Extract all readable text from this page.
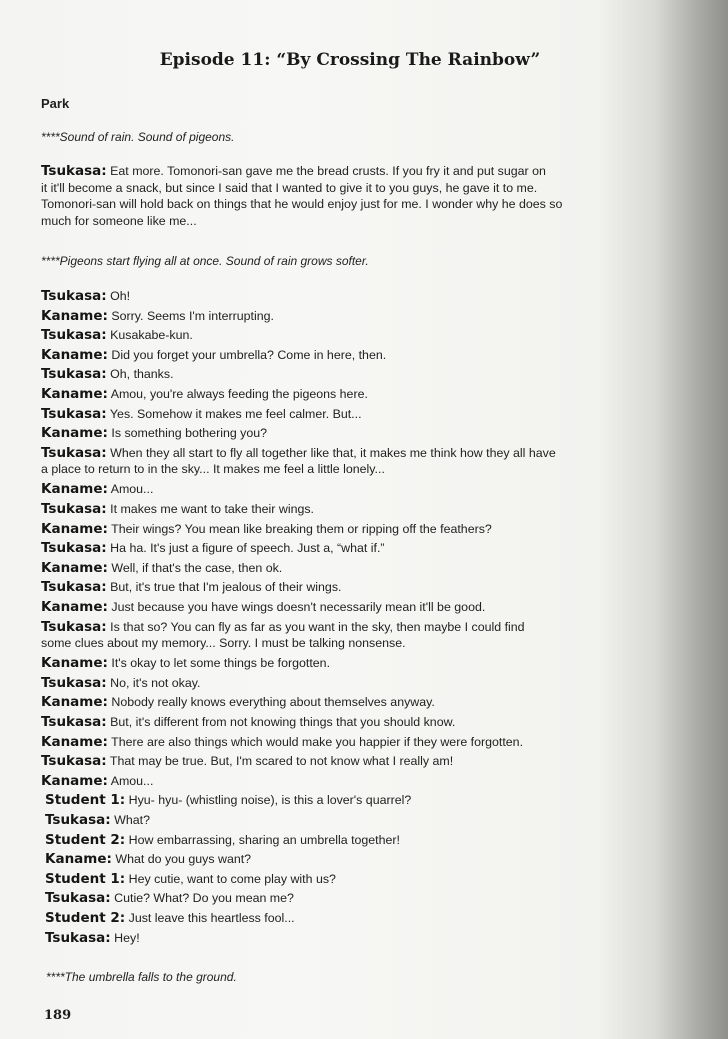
Episode 11: “By Crossing The Rainbow”
Park
****Sound of rain. Sound of pigeons.
Tsukasa: Eat more. Tomonori-san gave me the bread crusts. If you fry it and put sugar on
it it'll become a snack, but since I said that I wanted to give it to you guys, he gave it to me.
Tomonori-san will hold back on things that he would enjoy just for me. I wonder why he does so
much for someone like me...
****Pigeons start flying all at once. Sound of rain grows softer.
Tsukasa: Oh!
Kaname: Sorry. Seems I'm interrupting.
Tsukasa: Kusakabe-kun.
Kaname: Did you forget your umbrella? Come in here, then.
Tsukasa: Oh, thanks.
Kaname: Amou, you're always feeding the pigeons here.
Tsukasa: Yes. Somehow it makes me feel calmer. But...
Kaname: Is something bothering you?
Tsukasa: When they all start to fly all together like that, it makes me think how they all have
a place to return to in the sky... It makes me feel a little lonely...
Kaname: Amou...
Tsukasa: It makes me want to take their wings.
Kaname: Their wings? You mean like breaking them or ripping off the feathers?
Tsukasa: Ha ha. It's just a figure of speech. Just a, “what if.”
Kaname: Well, if that's the case, then ok.
Tsukasa: But, it's true that I'm jealous of their wings.
Kaname: Just because you have wings doesn't necessarily mean it'll be good.
Tsukasa: Is that so? You can fly as far as you want in the sky, then maybe I could find
some clues about my memory... Sorry. I must be talking nonsense.
Kaname: It's okay to let some things be forgotten.
Tsukasa: No, it's not okay.
Kaname: Nobody really knows everything about themselves anyway.
Tsukasa: But, it's different from not knowing things that you should know.
Kaname: There are also things which would make you happier if they were forgotten.
Tsukasa: That may be true. But, I'm scared to not know what I really am!
Kaname: Amou...
Student 1: Hyu- hyu- (whistling noise), is this a lover's quarrel?
Tsukasa: What?
Student 2: How embarrassing, sharing an umbrella together!
Kaname: What do you guys want?
Student 1: Hey cutie, want to come play with us?
Tsukasa: Cutie? What? Do you mean me?
Student 2: Just leave this heartless fool...
Tsukasa: Hey!
****The umbrella falls to the ground.
189
